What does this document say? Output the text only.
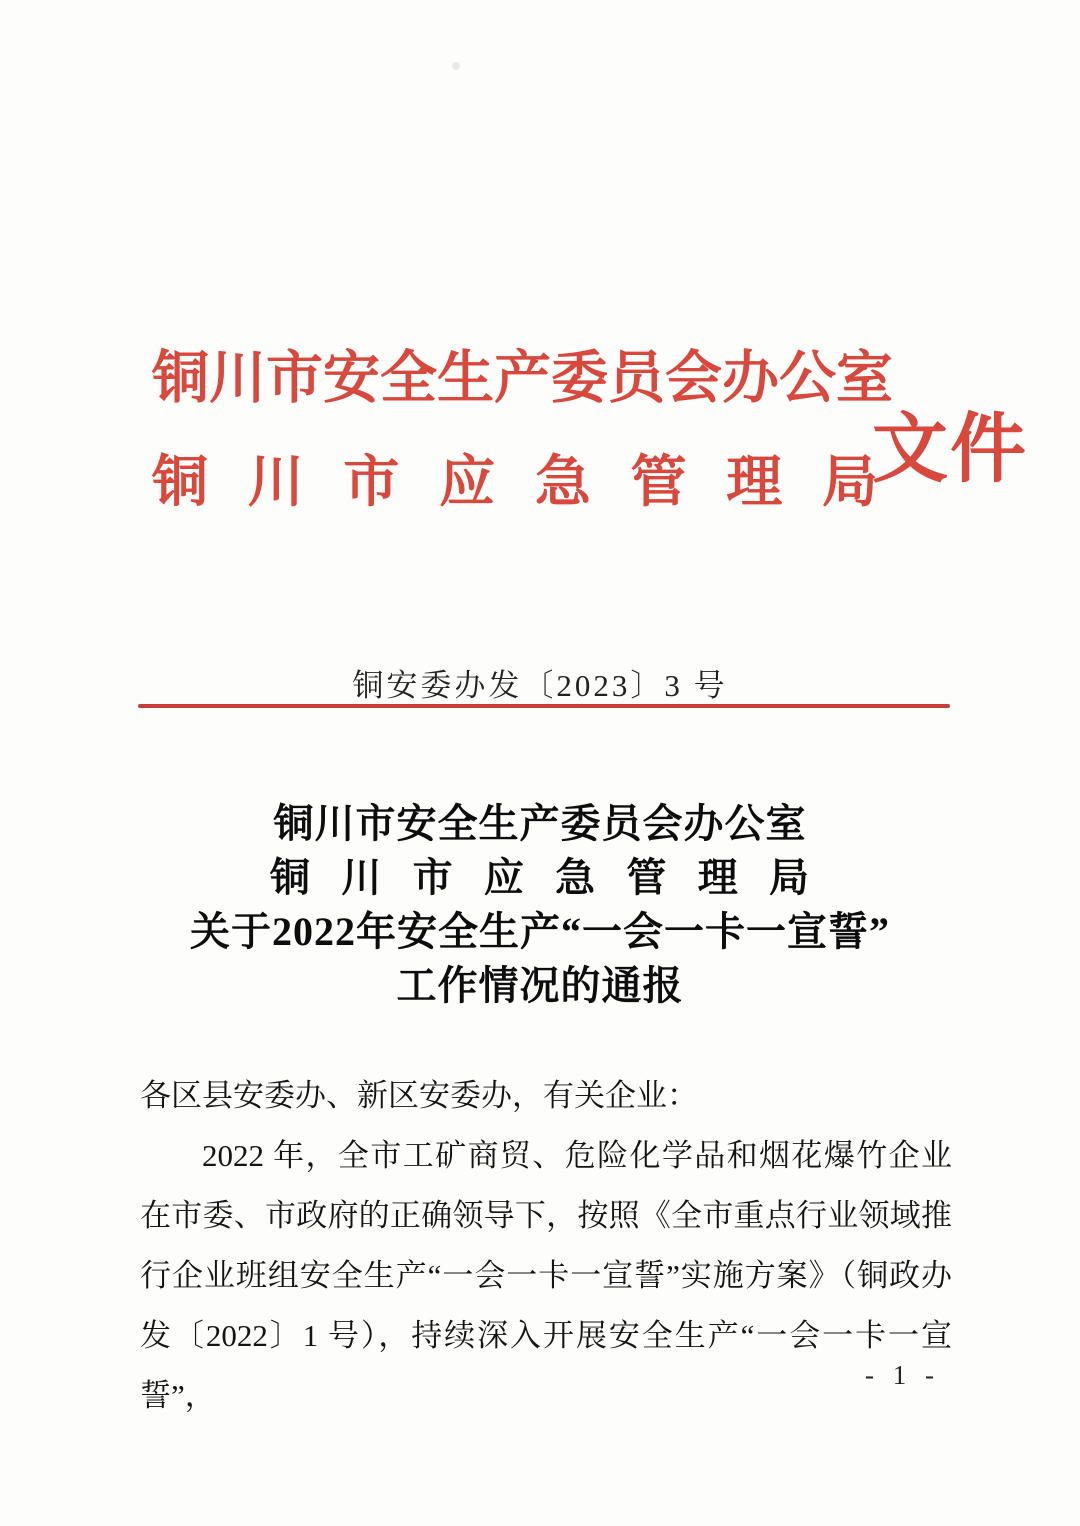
铜川市安全生产委员会办公室 铜 川 市 应 急 管 理 局
文件
铜安委办发〔2023〕3 号
铜川市安全生产委员会办公室
铜 川 市 应 急 管 理 局
关于2022年安全生产“一会一卡一宣誓”
工作情况的通报

各区县安委办、新区安委办，有关企业：

2022 年，全市工矿商贸、危险化学品和烟花爆竹企业在市委、市政府的正确领导下，按照《全市重点行业领域推行企业班组安全生产“一会一卡一宣誓”实施方案》（铜政办发〔2022〕1 号），持续深入开展安全生产“一会一卡一宣誓”，

- 1 -
